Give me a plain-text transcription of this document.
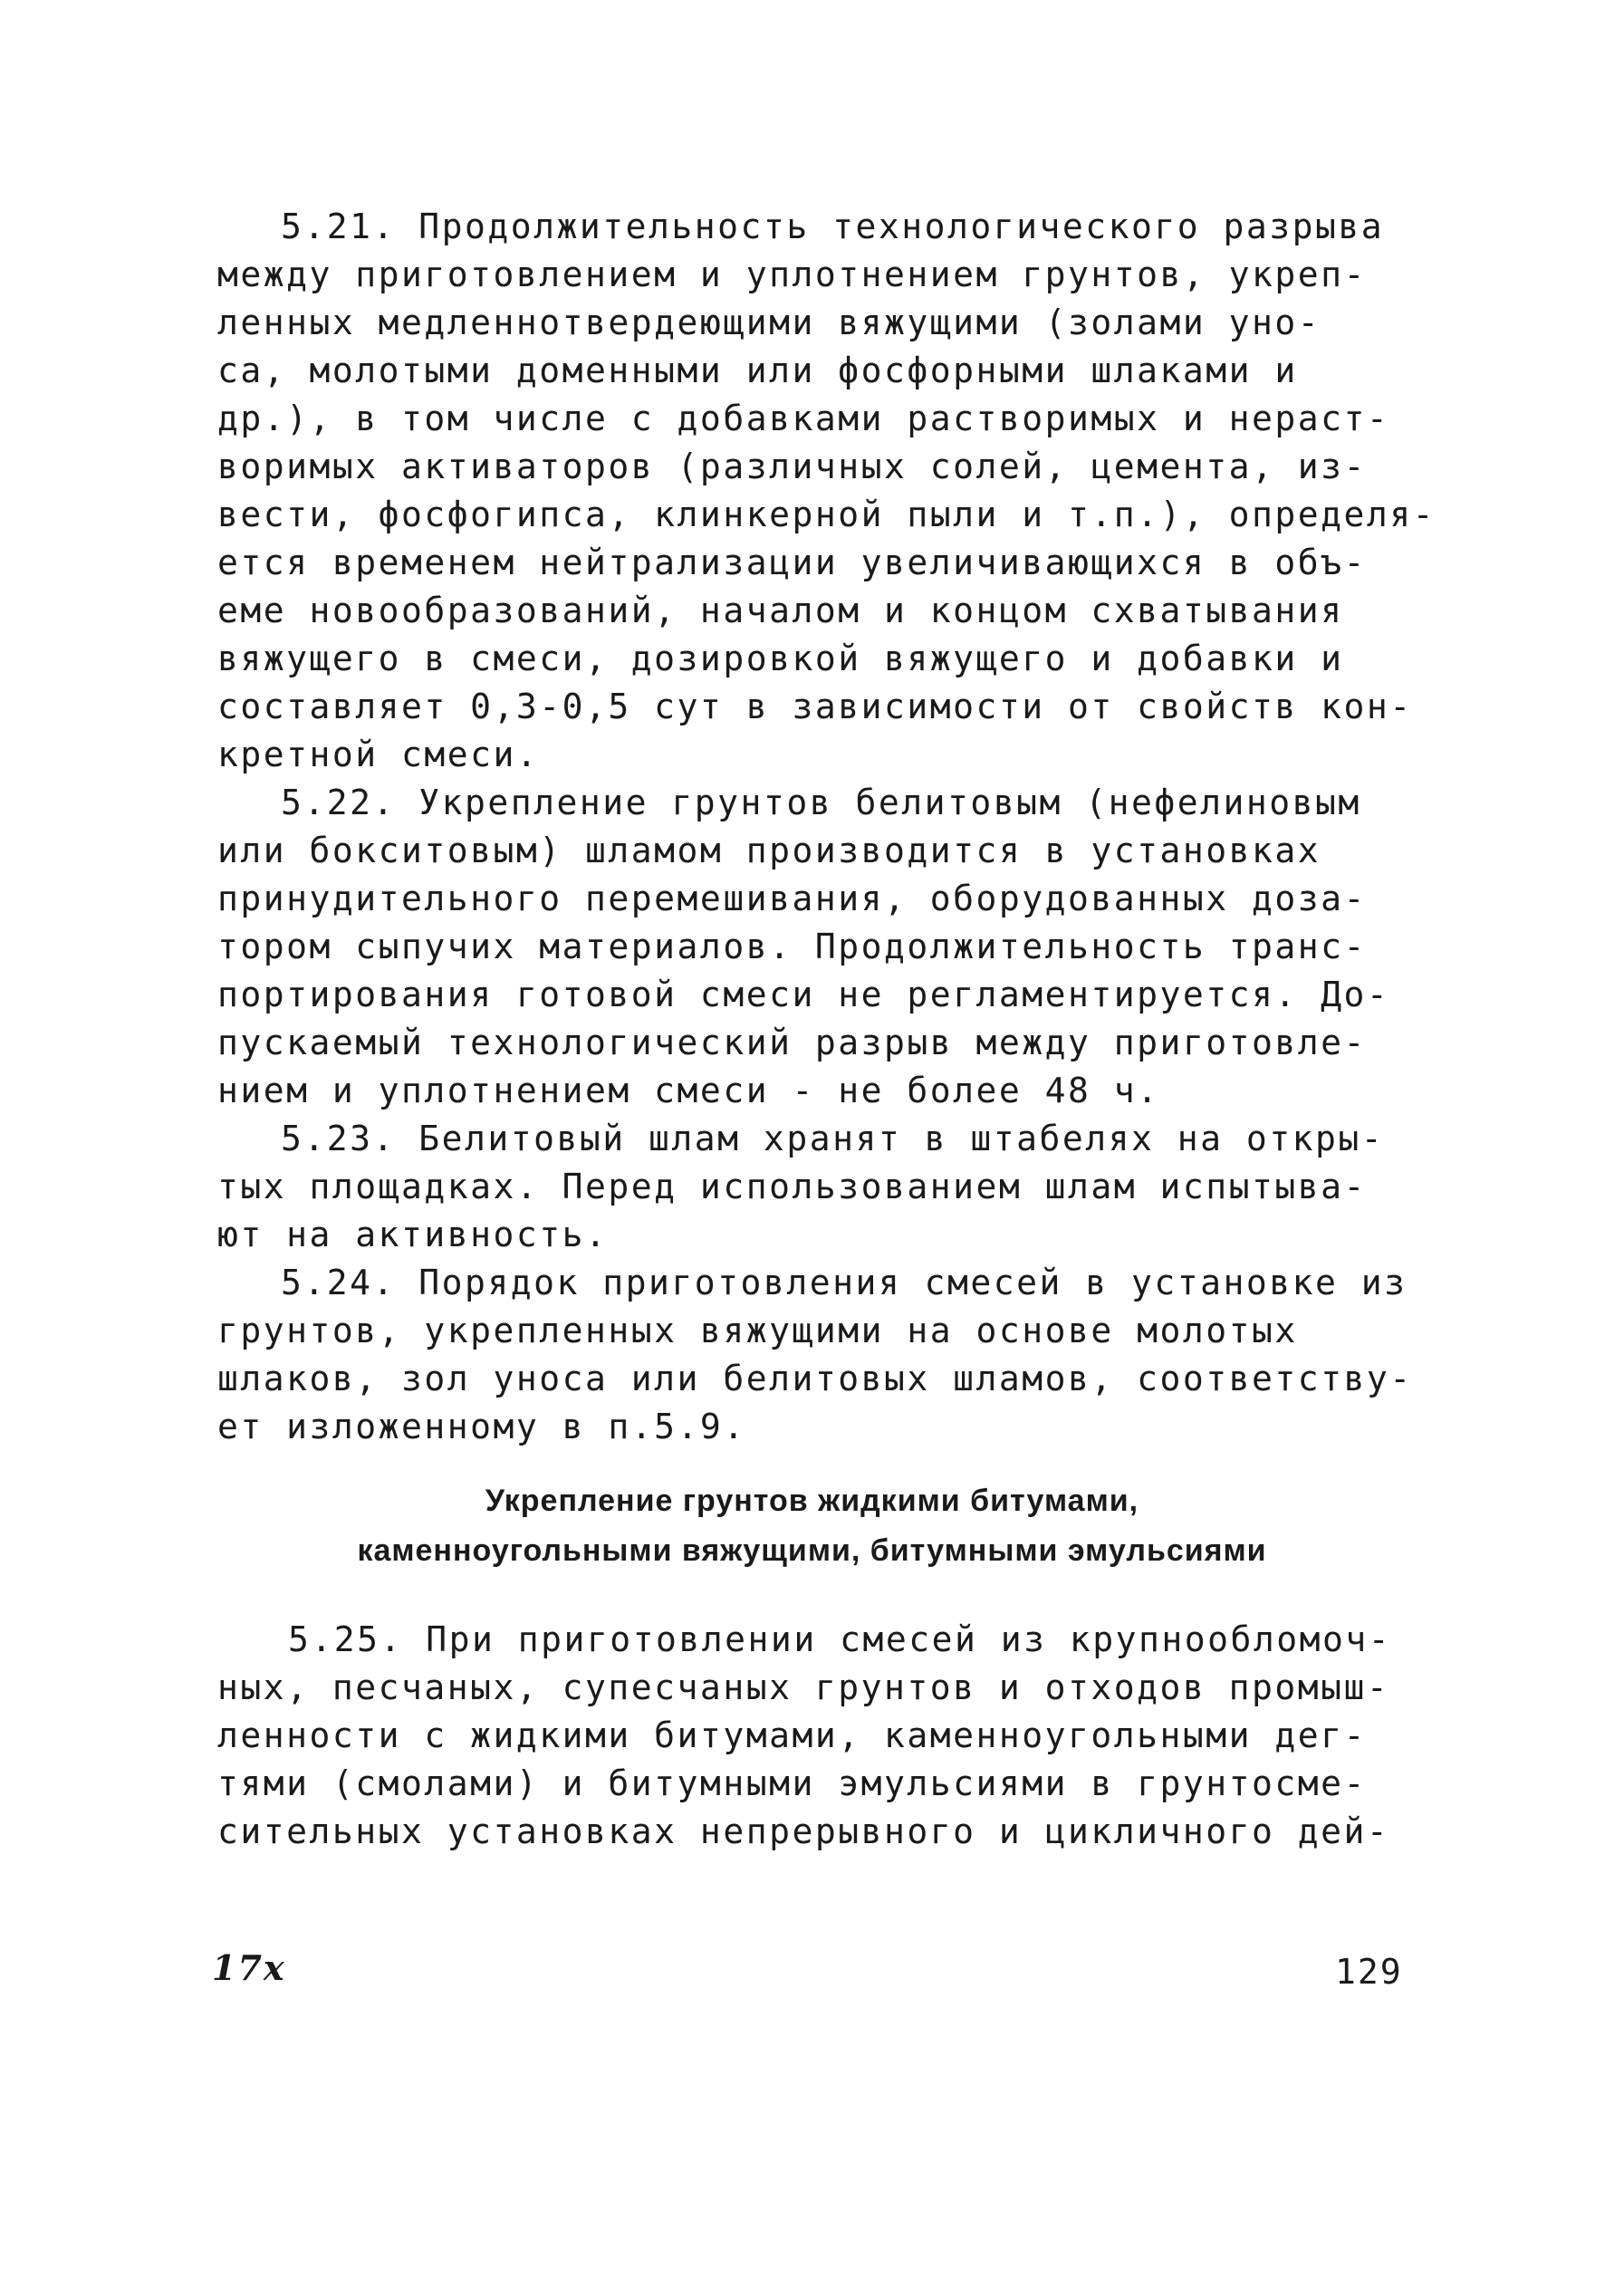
5.21. Продолжительность технологического разрыва
между приготовлением и уплотнением грунтов, укреп-
ленных медленнотвердеющими вяжущими (золами уно-
са, молотыми доменными или фосфорными шлаками и
др.), в том числе с добавками растворимых и нераст-
воримых активаторов (различных солей, цемента, из-
вести, фосфогипса, клинкерной пыли и т.п.), определя-
ется временем нейтрализации увеличивающихся в объ-
еме новообразований, началом и концом схватывания
вяжущего в смеси, дозировкой вяжущего и добавки и
составляет 0,3-0,5 сут в зависимости от свойств кон-
кретной смеси.
5.22. Укрепление грунтов белитовым (нефелиновым
или бокситовым) шламом производится в установках
принудительного перемешивания, оборудованных доза-
тором сыпучих материалов. Продолжительность транс-
портирования готовой смеси не регламентируется. До-
пускаемый технологический разрыв между приготовле-
нием и уплотнением смеси - не более 48 ч.
5.23. Белитовый шлам хранят в штабелях на откры-
тых площадках. Перед использованием шлам испытыва-
ют на активность.
5.24. Порядок приготовления смесей в установке из
грунтов, укрепленных вяжущими на основе молотых
шлаков, зол уноса или белитовых шламов, соответству-
ет изложенному в п.5.9.
Укрепление грунтов жидкими битумами,
каменноугольными вяжущими, битумными эмульсиями
5.25. При приготовлении смесей из крупнообломоч-
ных, песчаных, супесчаных грунтов и отходов промыш-
ленности с жидкими битумами, каменноугольными дег-
тями (смолами) и битумными эмульсиями в грунтосме-
сительных установках непрерывного и цикличного дей-
17х	129
